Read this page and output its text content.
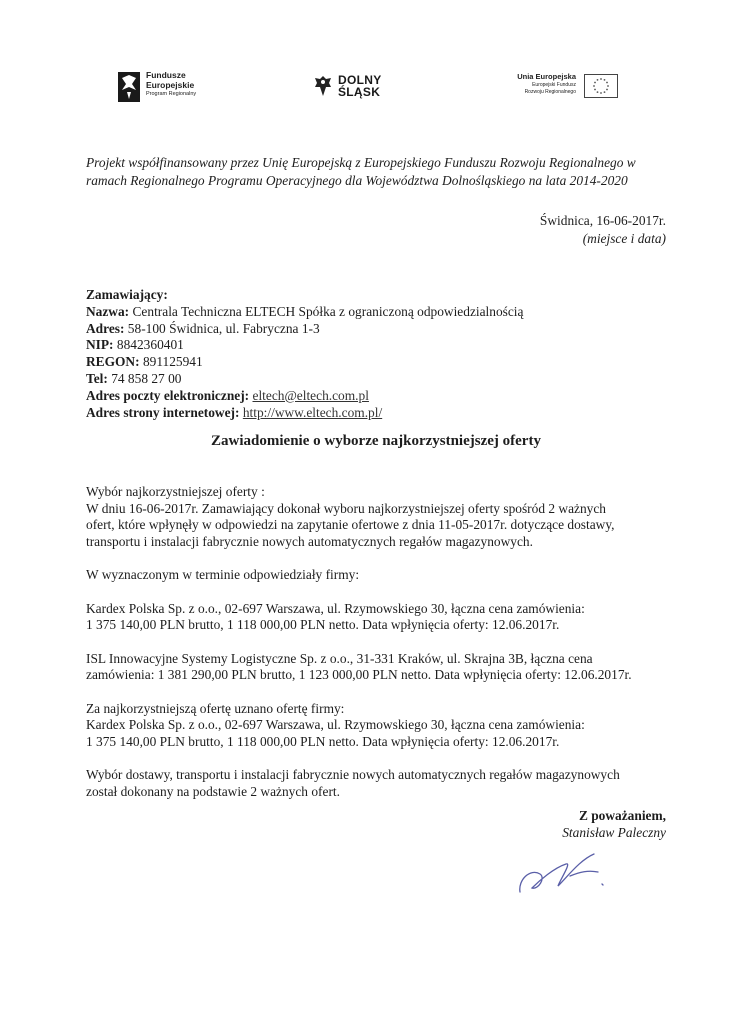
Fundusze
Europejskie
Program Regionalny
DOLNY
ŚLĄSK
Unia Europejska
Europejski Fundusz
Rozwoju Regionalnego
Projekt współfinansowany przez Unię Europejską z Europejskiego Funduszu Rozwoju Regionalnego w ramach Regionalnego Programu Operacyjnego dla Województwa Dolnośląskiego na lata 2014-2020
Świdnica, 16-06-2017r.
(miejsce i data)
Zamawiający:
Nazwa: Centrala Techniczna ELTECH Spółka z ograniczoną odpowiedzialnością
Adres: 58-100 Świdnica, ul. Fabryczna 1-3
NIP: 8842360401
REGON: 891125941
Tel: 74 858 27 00
Adres poczty elektronicznej: eltech@eltech.com.pl
Adres strony internetowej: http://www.eltech.com.pl/
Zawiadomienie o wyborze najkorzystniejszej oferty

Wybór najkorzystniejszej oferty :

W dniu 16-06-2017r. Zamawiający dokonał wyboru najkorzystniejszej oferty spośród 2 ważnych

ofert, które wpłynęły w odpowiedzi na zapytanie ofertowe z dnia 11-05-2017r. dotyczące dostawy,

transportu i instalacji fabrycznie nowych automatycznych regałów magazynowych.

W wyznaczonym w terminie odpowiedziały firmy:

Kardex Polska Sp. z o.o., 02-697 Warszawa, ul. Rzymowskiego 30, łączna cena zamówienia:

1 375 140,00 PLN brutto, 1 118 000,00 PLN netto. Data wpłynięcia oferty: 12.06.2017r.

ISL Innowacyjne Systemy Logistyczne Sp. z o.o., 31-331 Kraków, ul. Skrajna 3B, łączna cena

zamówienia: 1 381 290,00 PLN brutto, 1 123 000,00 PLN netto. Data wpłynięcia oferty: 12.06.2017r.

Za najkorzystniejszą ofertę uznano ofertę firmy:

Kardex Polska Sp. z o.o., 02-697 Warszawa, ul. Rzymowskiego 30, łączna cena zamówienia:

1 375 140,00 PLN brutto, 1 118 000,00 PLN netto. Data wpłynięcia oferty: 12.06.2017r.

Wybór dostawy, transportu i instalacji fabrycznie nowych automatycznych regałów magazynowych

został dokonany na podstawie 2 ważnych ofert.

Z poważaniem,
Stanisław Paleczny
